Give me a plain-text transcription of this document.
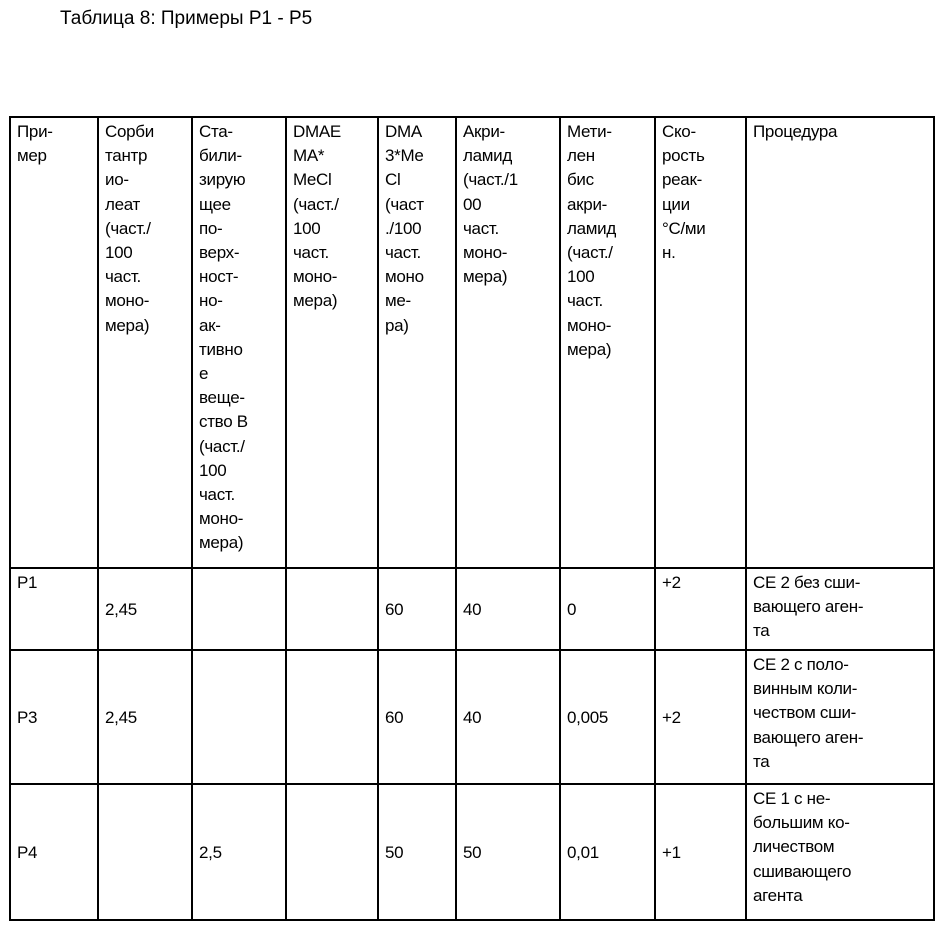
Таблица 8: Примеры P1 - P5
При-
мер	Сорби
тантр
ио-
леат
(част./
100
част.
моно-
мера)	Ста-
били-
зирую
щее
по-
верх-
ност-
но-
ак-
тивно
е
веще-
ство В
(част./
100
част.
моно-
мера)	DMAE
MA*
MeCl
(част./
100
част.
моно-
мера)	DMA
3*Me
Cl
(част
./100
част.
моно
ме-
ра)	Акри-
ламид
(част./1
00
част.
моно-
мера)	Мети-
лен
бис
акри-
ламид
(част./
100
част.
моно-
мера)	Ско-
рость
реак-
ции
°С/ми
н.	Процедура
P1	2,45			60	40	0	+2	СЕ 2 без сши-
вающего аген-
та
P3	2,45			60	40	0,005	+2	СЕ 2 с поло-
винным коли-
чеством сши-
вающего аген-
та
P4		2,5		50	50	0,01	+1	СЕ 1 с не-
большим ко-
личеством
сшивающего
агента
